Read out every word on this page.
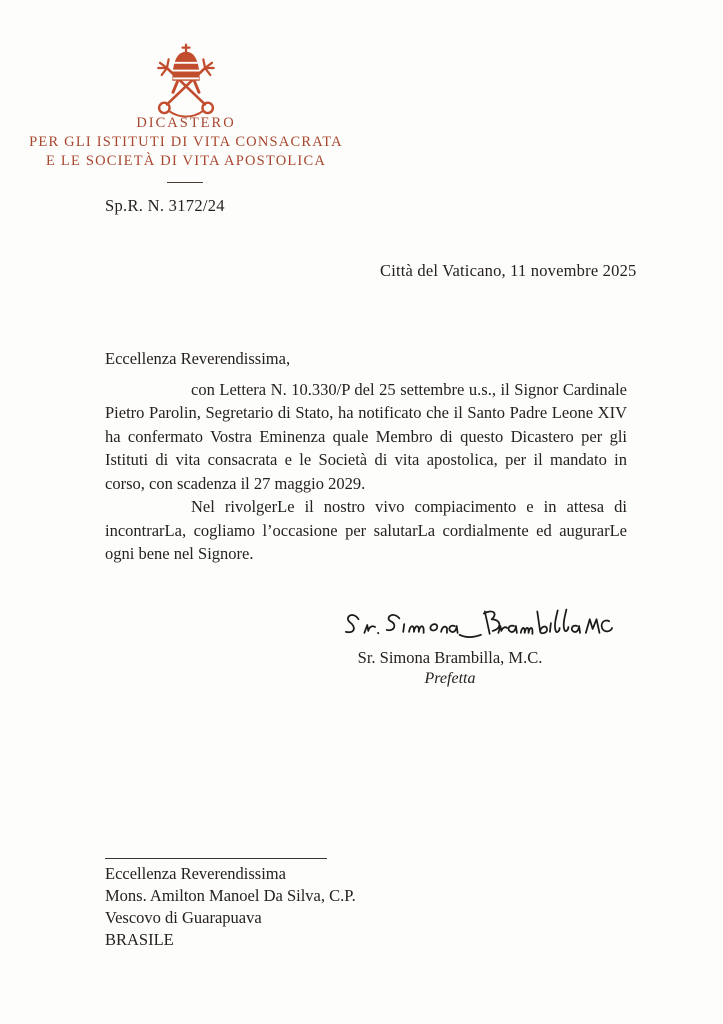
DICASTERO
PER GLI ISTITUTI DI VITA CONSACRATA
E LE SOCIETÀ DI VITA APOSTOLICA
Sp.R. N. 3172/24
Città del Vaticano, 11 novembre 2025
Eccellenza Reverendissima,

con Lettera N. 10.330/P del 25 settembre u.s., il Signor Cardinale Pietro Parolin, Segretario di Stato, ha notificato che il Santo Padre Leone XIV ha confermato Vostra Eminenza quale Membro di questo Dicastero per gli Istituti di vita consacrata e le Società di vita apostolica, per il mandato in corso, con scadenza il 27 maggio 2029.

Nel rivolgerLe il nostro vivo compiacimento e in attesa di incontrarLa, cogliamo l’occasione per salutarLa cordialmente ed augurarLe ogni bene nel Signore.

Sr. Simona Brambilla, M.C.
Prefetta
Eccellenza Reverendissima
Mons. Amilton Manoel Da Silva, C.P.
Vescovo di Guarapuava
BRASILE
